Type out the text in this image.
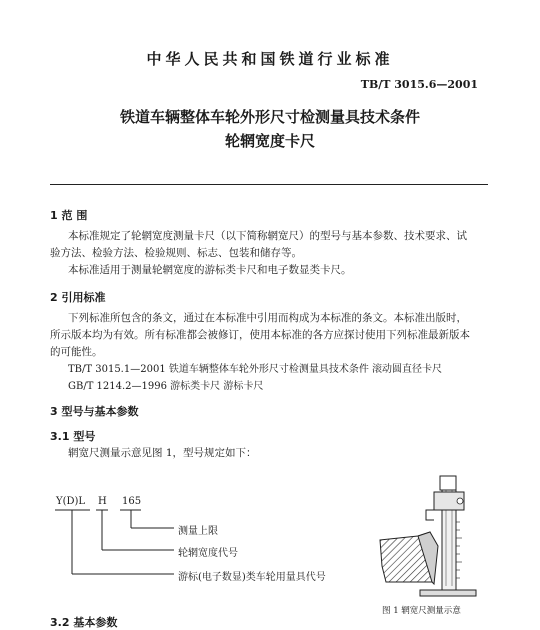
中华人民共和国铁道行业标准
TB/T 3015.6—2001
铁道车辆整体车轮外形尺寸检测量具技术条件
轮辋宽度卡尺
1 范 围
本标准规定了轮辋宽度测量卡尺（以下简称辋宽尺）的型号与基本参数、技术要求、试
验方法、检验方法、检验规则、标志、包装和储存等。
本标准适用于测量轮辋宽度的游标类卡尺和电子数显类卡尺。
2 引用标准
下列标准所包含的条文，通过在本标准中引用而构成为本标准的条文。本标准出版时，
所示版本均为有效。所有标准都会被修订，使用本标准的各方应探讨使用下列标准最新版本
的可能性。
TB/T 3015.1—2001 铁道车辆整体车轮外形尺寸检测量具技术条件 滚动圆直径卡尺
GB/T 1214.2—1996 游标类卡尺 游标卡尺
3 型号与基本参数
3.1 型号
辋宽尺测量示意见图 1，型号规定如下：
Y(D)L H 165
测量上限
轮辋宽度代号
游标(电子数显)类车轮用量具代号
图 1 辋宽尺测量示意
3.2 基本参数
